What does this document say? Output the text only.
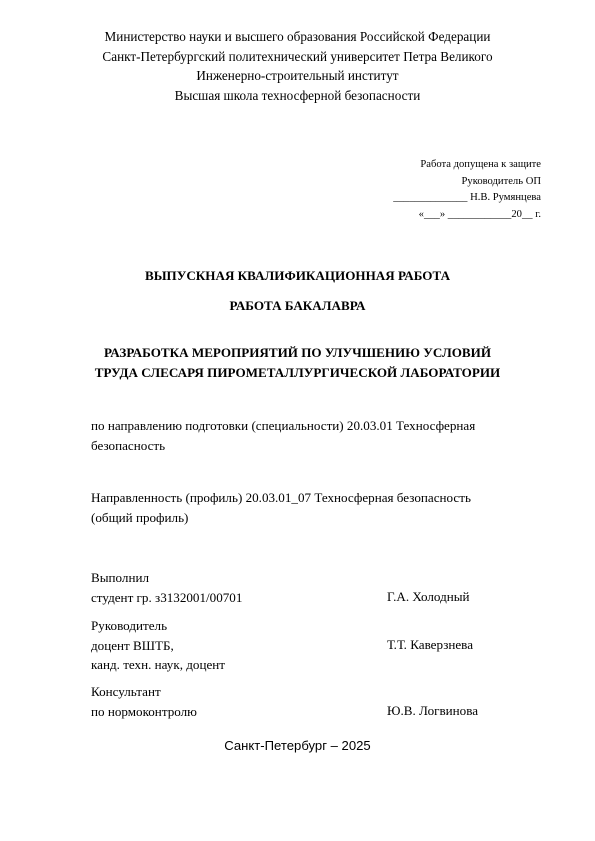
Министерство науки и высшего образования Российской Федерации
Санкт-Петербургский политехнический университет Петра Великого
Инженерно-строительный институт
Высшая школа техносферной безопасности
Работа допущена к защите
Руководитель ОП
______________ Н.В. Румянцева
«___» ____________20__ г.
ВЫПУСКНАЯ КВАЛИФИКАЦИОННАЯ РАБОТА
РАБОТА БАКАЛАВРА
РАЗРАБОТКА МЕРОПРИЯТИЙ ПО УЛУЧШЕНИЮ УСЛОВИЙ
ТРУДА СЛЕСАРЯ ПИРОМЕТАЛЛУРГИЧЕСКОЙ ЛАБОРАТОРИИ
по направлению подготовки (специальности) 20.03.01 Техносферная
безопасность
Направленность (профиль) 20.03.01_07 Техносферная безопасность
(общий профиль)
Выполнил
студент гр. з3132001/00701	Г.А. Холодный
Руководитель
доцент ВШТБ,
канд. техн. наук, доцент
Т.Т. Каверзнева
Консультант
по нормоконтролю	Ю.В. Логвинова
Санкт-Петербург – 2025
